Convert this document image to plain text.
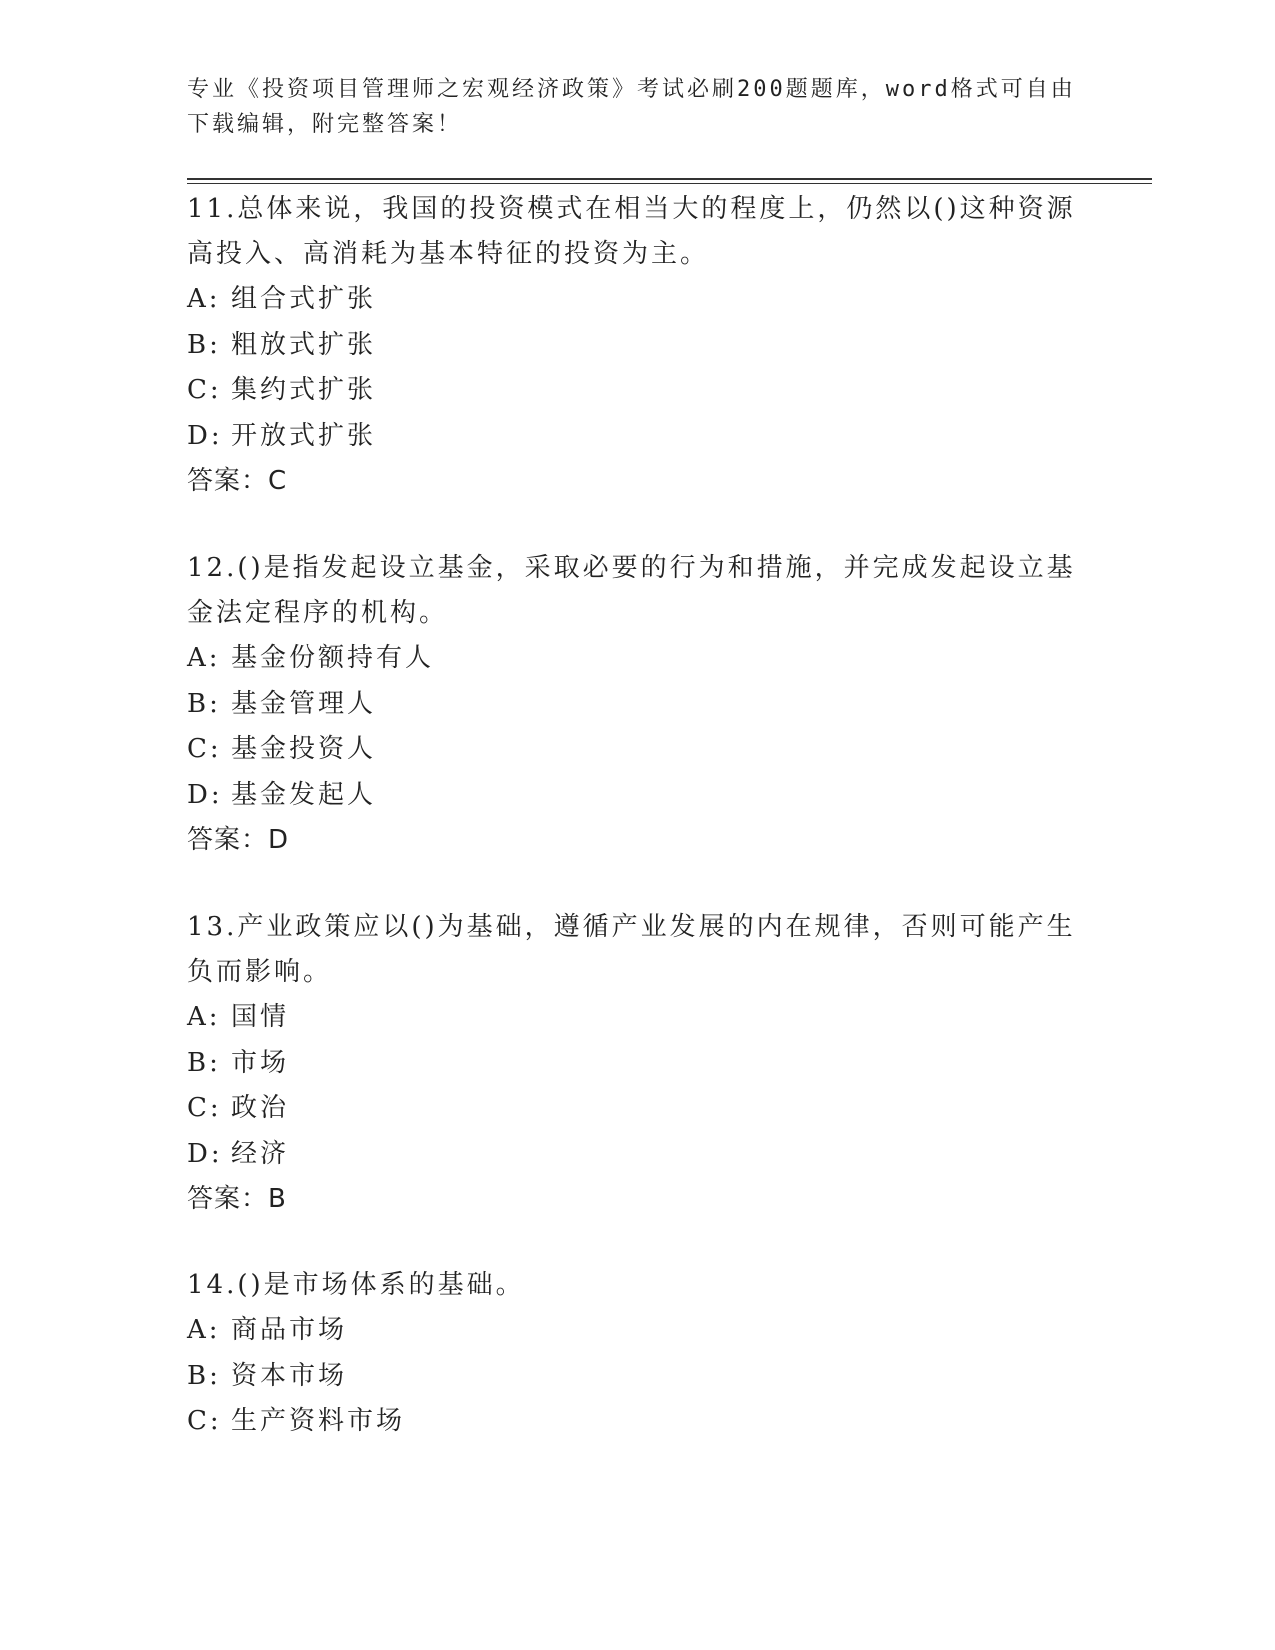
专业《投资项目管理师之宏观经济政策》考试必刷200题题库，word格式可自由
下载编辑，附完整答案！

11.总体来说，我国的投资模式在相当大的程度上，仍然以()这种资源

高投入、高消耗为基本特征的投资为主。

A: 组合式扩张

B: 粗放式扩张

C: 集约式扩张

D: 开放式扩张

答案：C

12.()是指发起设立基金，采取必要的行为和措施，并完成发起设立基

金法定程序的机构。

A: 基金份额持有人

B: 基金管理人

C: 基金投资人

D: 基金发起人

答案：D

13.产业政策应以()为基础，遵循产业发展的内在规律，否则可能产生

负而影响。

A: 国情

B: 市场

C: 政治

D: 经济

答案：B

14.()是市场体系的基础。

A: 商品市场

B: 资本市场

C: 生产资料市场
